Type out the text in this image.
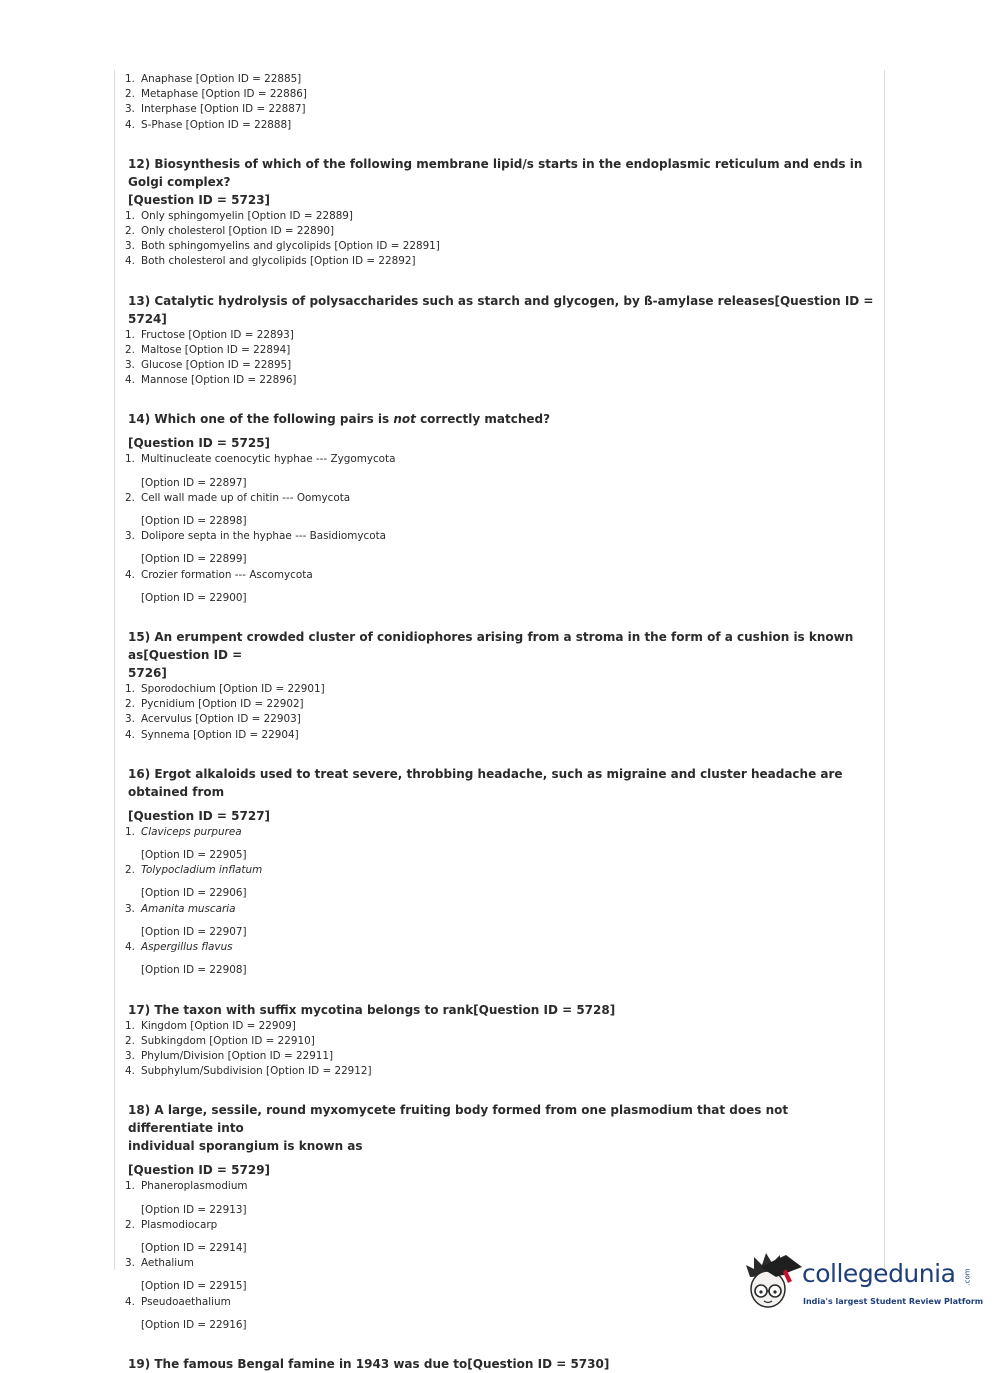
1. Anaphase [Option ID = 22885]
2. Metaphase [Option ID = 22886]
3. Interphase [Option ID = 22887]
4. S-Phase [Option ID = 22888]

12) Biosynthesis of which of the following membrane lipid/s starts in the endoplasmic reticulum and ends in Golgi complex?
[Question ID = 5723]

1. Only sphingomyelin [Option ID = 22889]
2. Only cholesterol [Option ID = 22890]
3. Both sphingomyelins and glycolipids [Option ID = 22891]
4. Both cholesterol and glycolipids [Option ID = 22892]

13) Catalytic hydrolysis of polysaccharides such as starch and glycogen, by ß-amylase releases[Question ID = 5724]

1. Fructose [Option ID = 22893]
2. Maltose [Option ID = 22894]
3. Glucose [Option ID = 22895]
4. Mannose [Option ID = 22896]

14) Which one of the following pairs is not correctly matched?

[Question ID = 5725]

1. Multinucleate coenocytic hyphae --- Zygomycota
[Option ID = 22897]
2. Cell wall made up of chitin --- Oomycota
[Option ID = 22898]
3. Dolipore septa in the hyphae --- Basidiomycota
[Option ID = 22899]
4. Crozier formation --- Ascomycota
[Option ID = 22900]

15) An erumpent crowded cluster of conidiophores arising from a stroma in the form of a cushion is known as[Question ID =
5726]

1. Sporodochium [Option ID = 22901]
2. Pycnidium [Option ID = 22902]
3. Acervulus [Option ID = 22903]
4. Synnema [Option ID = 22904]

16) Ergot alkaloids used to treat severe, throbbing headache, such as migraine and cluster headache are obtained from

[Question ID = 5727]

1. Claviceps purpurea
[Option ID = 22905]
2. Tolypocladium inflatum
[Option ID = 22906]
3. Amanita muscaria
[Option ID = 22907]
4. Aspergillus flavus
[Option ID = 22908]

17) The taxon with suffix mycotina belongs to rank[Question ID = 5728]

1. Kingdom [Option ID = 22909]
2. Subkingdom [Option ID = 22910]
3. Phylum/Division [Option ID = 22911]
4. Subphylum/Subdivision [Option ID = 22912]

18) A large, sessile, round myxomycete fruiting body formed from one plasmodium that does not differentiate into
individual sporangium is known as

[Question ID = 5729]

1. Phaneroplasmodium
[Option ID = 22913]
2. Plasmodiocarp
[Option ID = 22914]
3. Aethalium
[Option ID = 22915]
4. Pseudoaethalium
[Option ID = 22916]

19) The famous Bengal famine in 1943 was due to[Question ID = 5730]

collegedunia .com
India's largest Student Review Platform
